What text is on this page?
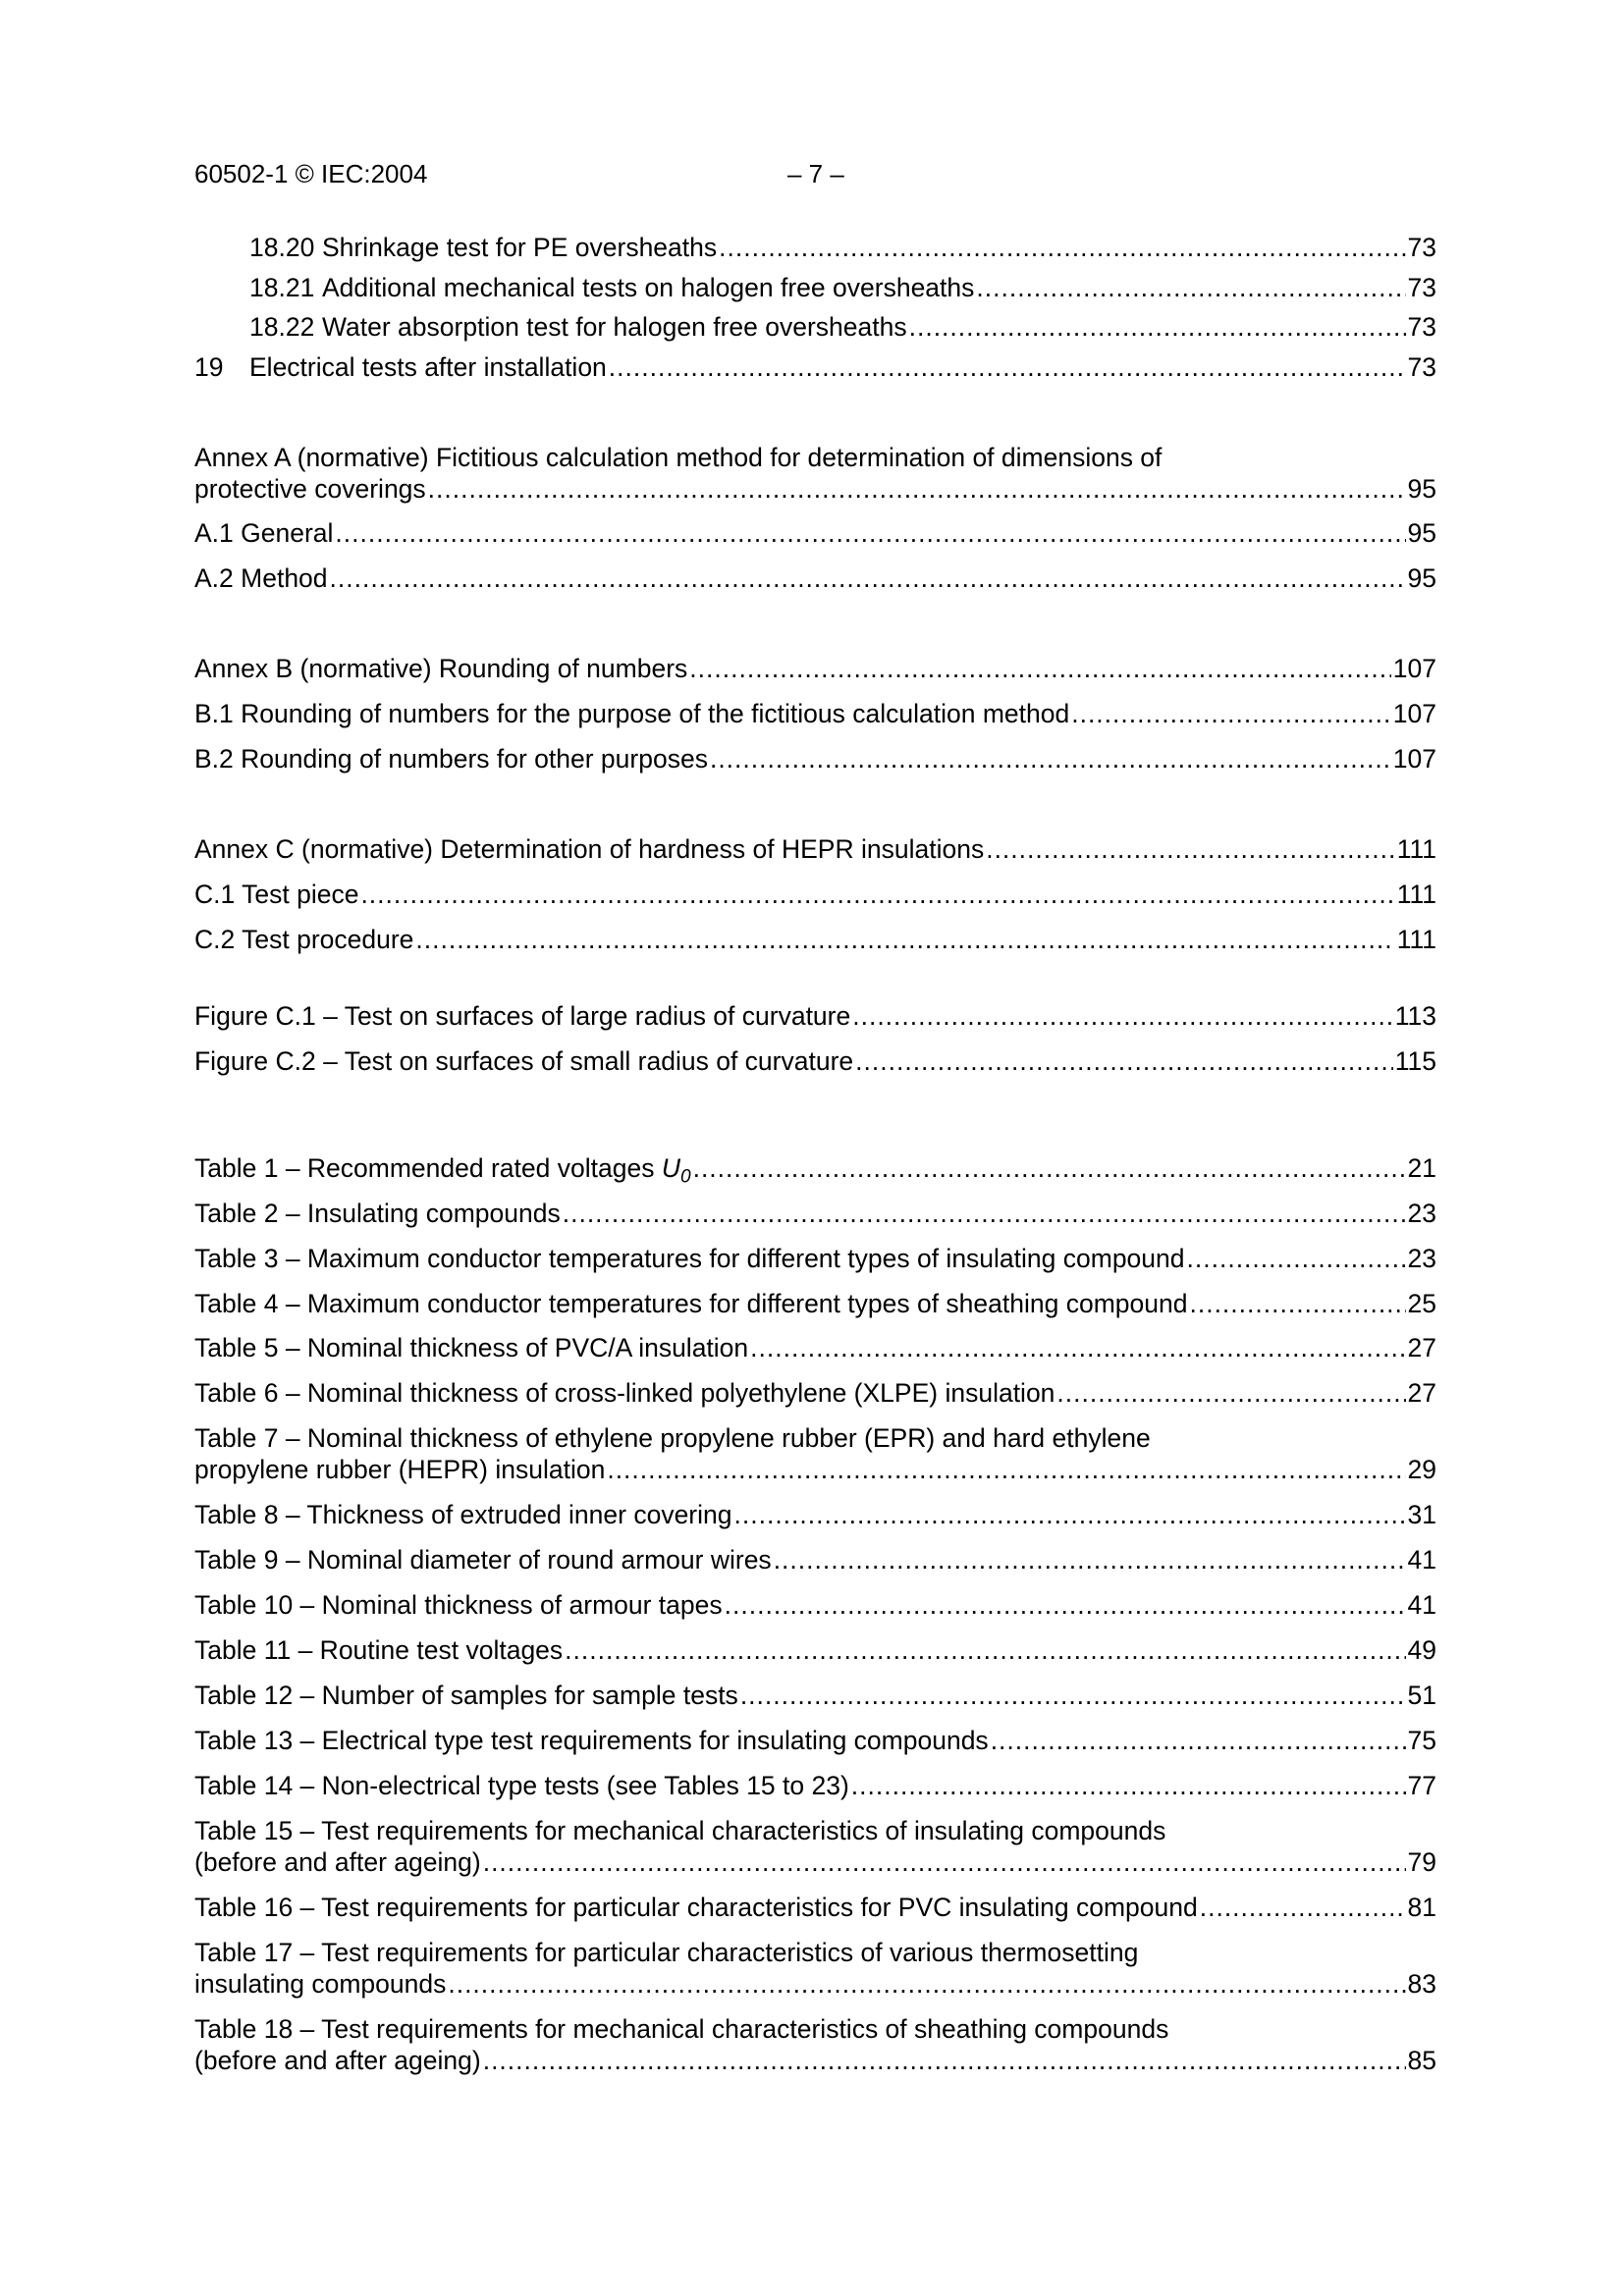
60502-1 © IEC:2004	– 7 –
18.20 Shrinkage test for PE oversheaths .....	73
18.21 Additional mechanical tests on halogen free oversheaths .....	73
18.22 Water absorption test for halogen free oversheaths .....	73
19	Electrical tests after installation .....	73
Annex A (normative) Fictitious calculation method for determination of dimensions of
protective coverings .....	95
A.1 General .....	95
A.2 Method .....	95
Annex B (normative) Rounding of numbers .....	107
B.1 Rounding of numbers for the purpose of the fictitious calculation method .....	107
B.2 Rounding of numbers for other purposes .....	107
Annex C (normative) Determination of hardness of HEPR insulations .....	111
C.1 Test piece .....	111
C.2 Test procedure .....	111
Figure C.1 – Test on surfaces of large radius of curvature .....	113
Figure C.2 – Test on surfaces of small radius of curvature .....	115
Table 1 – Recommended rated voltages $U_0$ .....	21
Table 2 – Insulating compounds .....	23
Table 3 – Maximum conductor temperatures for different types of insulating compound .....	23
Table 4 – Maximum conductor temperatures for different types of sheathing compound .....	25
Table 5 – Nominal thickness of PVC/A insulation .....	27
Table 6 – Nominal thickness of cross-linked polyethylene (XLPE) insulation .....	27
Table 7 – Nominal thickness of ethylene propylene rubber (EPR) and hard ethylene
propylene rubber (HEPR) insulation .....	29
Table 8 – Thickness of extruded inner covering .....	31
Table 9 – Nominal diameter of round armour wires .....	41
Table 10 – Nominal thickness of armour tapes .....	41
Table 11 – Routine test voltages .....	49
Table 12 – Number of samples for sample tests .....	51
Table 13 – Electrical type test requirements for insulating compounds .....	75
Table 14 – Non-electrical type tests (see Tables 15 to 23) .....	77
Table 15 – Test requirements for mechanical characteristics of insulating compounds
(before and after ageing) .....	79
Table 16 – Test requirements for particular characteristics for PVC insulating compound .....	81
Table 17 – Test requirements for particular characteristics of various thermosetting
insulating compounds .....	83
Table 18 – Test requirements for mechanical characteristics of sheathing compounds
(before and after ageing) .....	85
